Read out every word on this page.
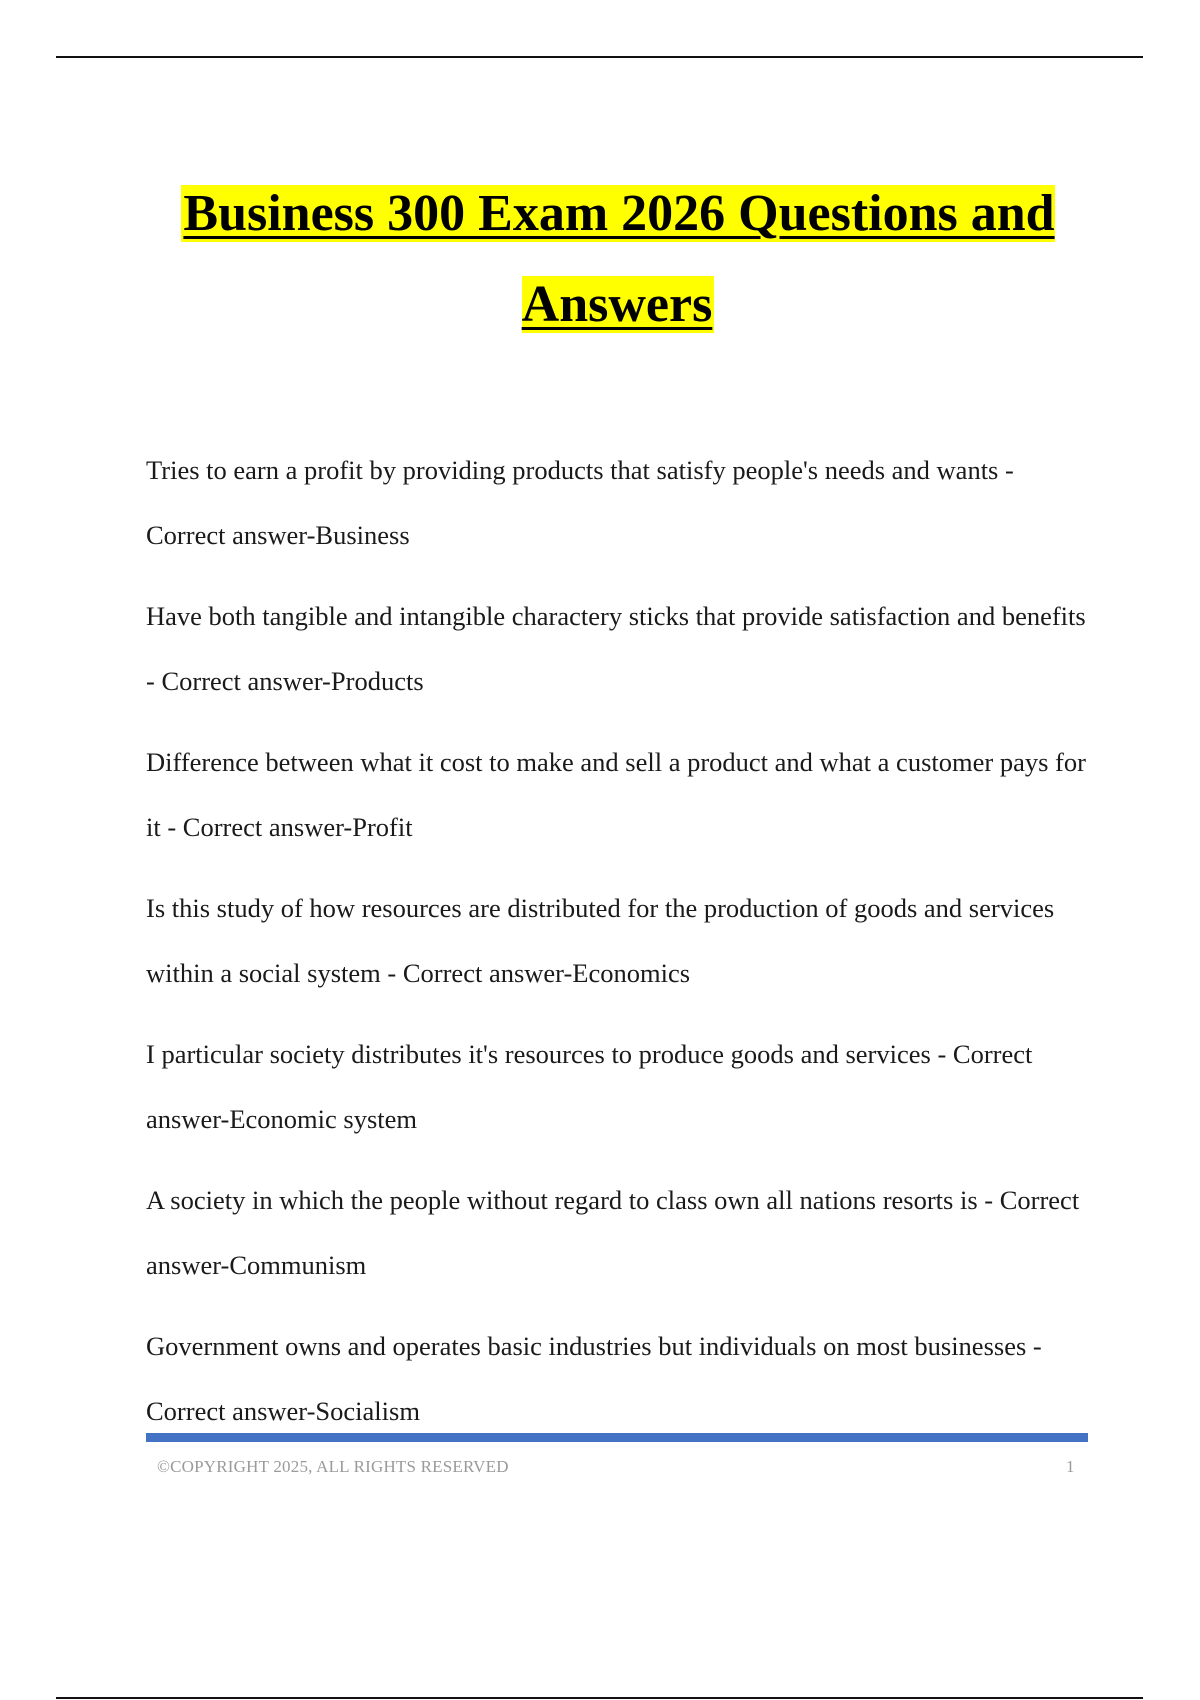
Business 300 Exam 2026 Questions and Answers

Tries to earn a profit by providing products that satisfy people's needs and wants - Correct answer-Business

Have both tangible and intangible charactery sticks that provide satisfaction and benefits - Correct answer-Products

Difference between what it cost to make and sell a product and what a customer pays for it - Correct answer-Profit

Is this study of how resources are distributed for the production of goods and services within a social system - Correct answer-Economics

I particular society distributes it's resources to produce goods and services - Correct answer-Economic system

A society in which the people without regard to class own all nations resorts is - Correct answer-Communism

Government owns and operates basic industries but individuals on most businesses - Correct answer-Socialism

©COPYRIGHT 2025, ALL RIGHTS RESERVED	1
